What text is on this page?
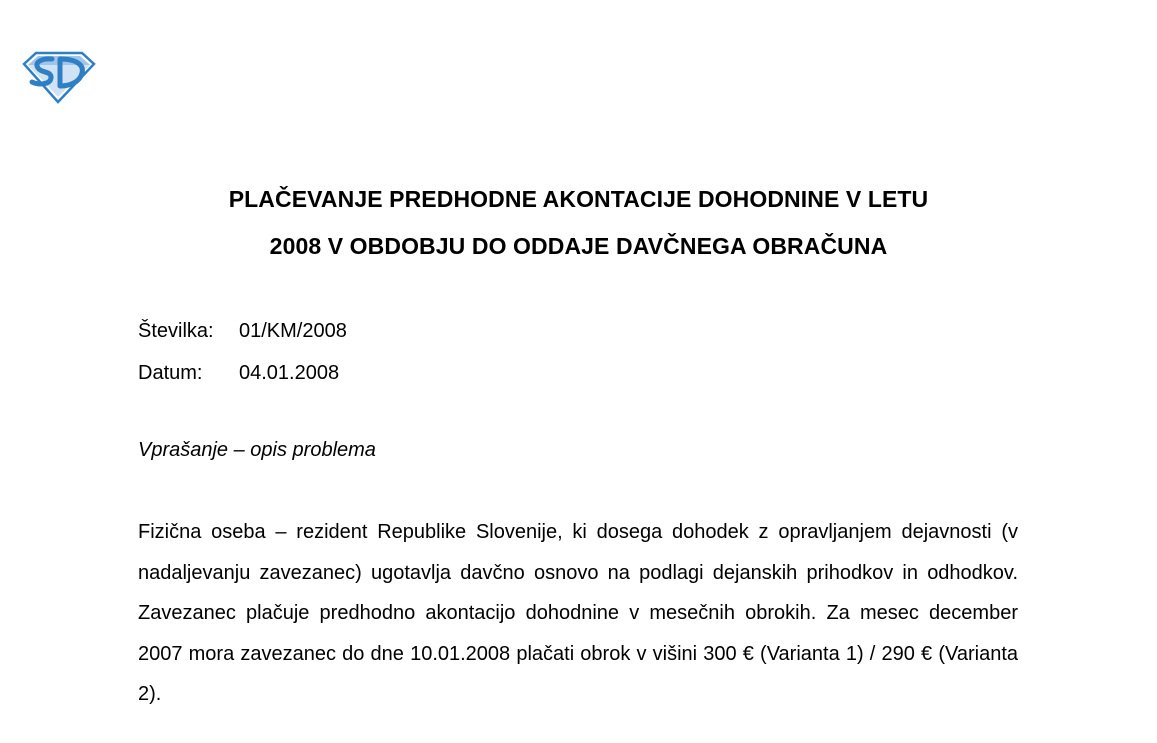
PLAČEVANJE PREDHODNE AKONTACIJE DOHODNINE V LETU
2008 V OBDOBJU DO ODDAJE DAVČNEGA OBRAČUNA
Številka: 01/KM/2008
Datum: 04.01.2008
Vprašanje – opis problema
Fizična oseba – rezident Republike Slovenije, ki dosega dohodek z opravljanjem dejavnosti (v nadaljevanju zavezanec) ugotavlja davčno osnovo na podlagi dejanskih prihodkov in odhodkov. Zavezanec plačuje predhodno akontacijo dohodnine v mesečnih obrokih. Za mesec december 2007 mora zavezanec do dne 10.01.2008 plačati obrok v višini 300 € (Varianta 1) / 290 € (Varianta 2).
